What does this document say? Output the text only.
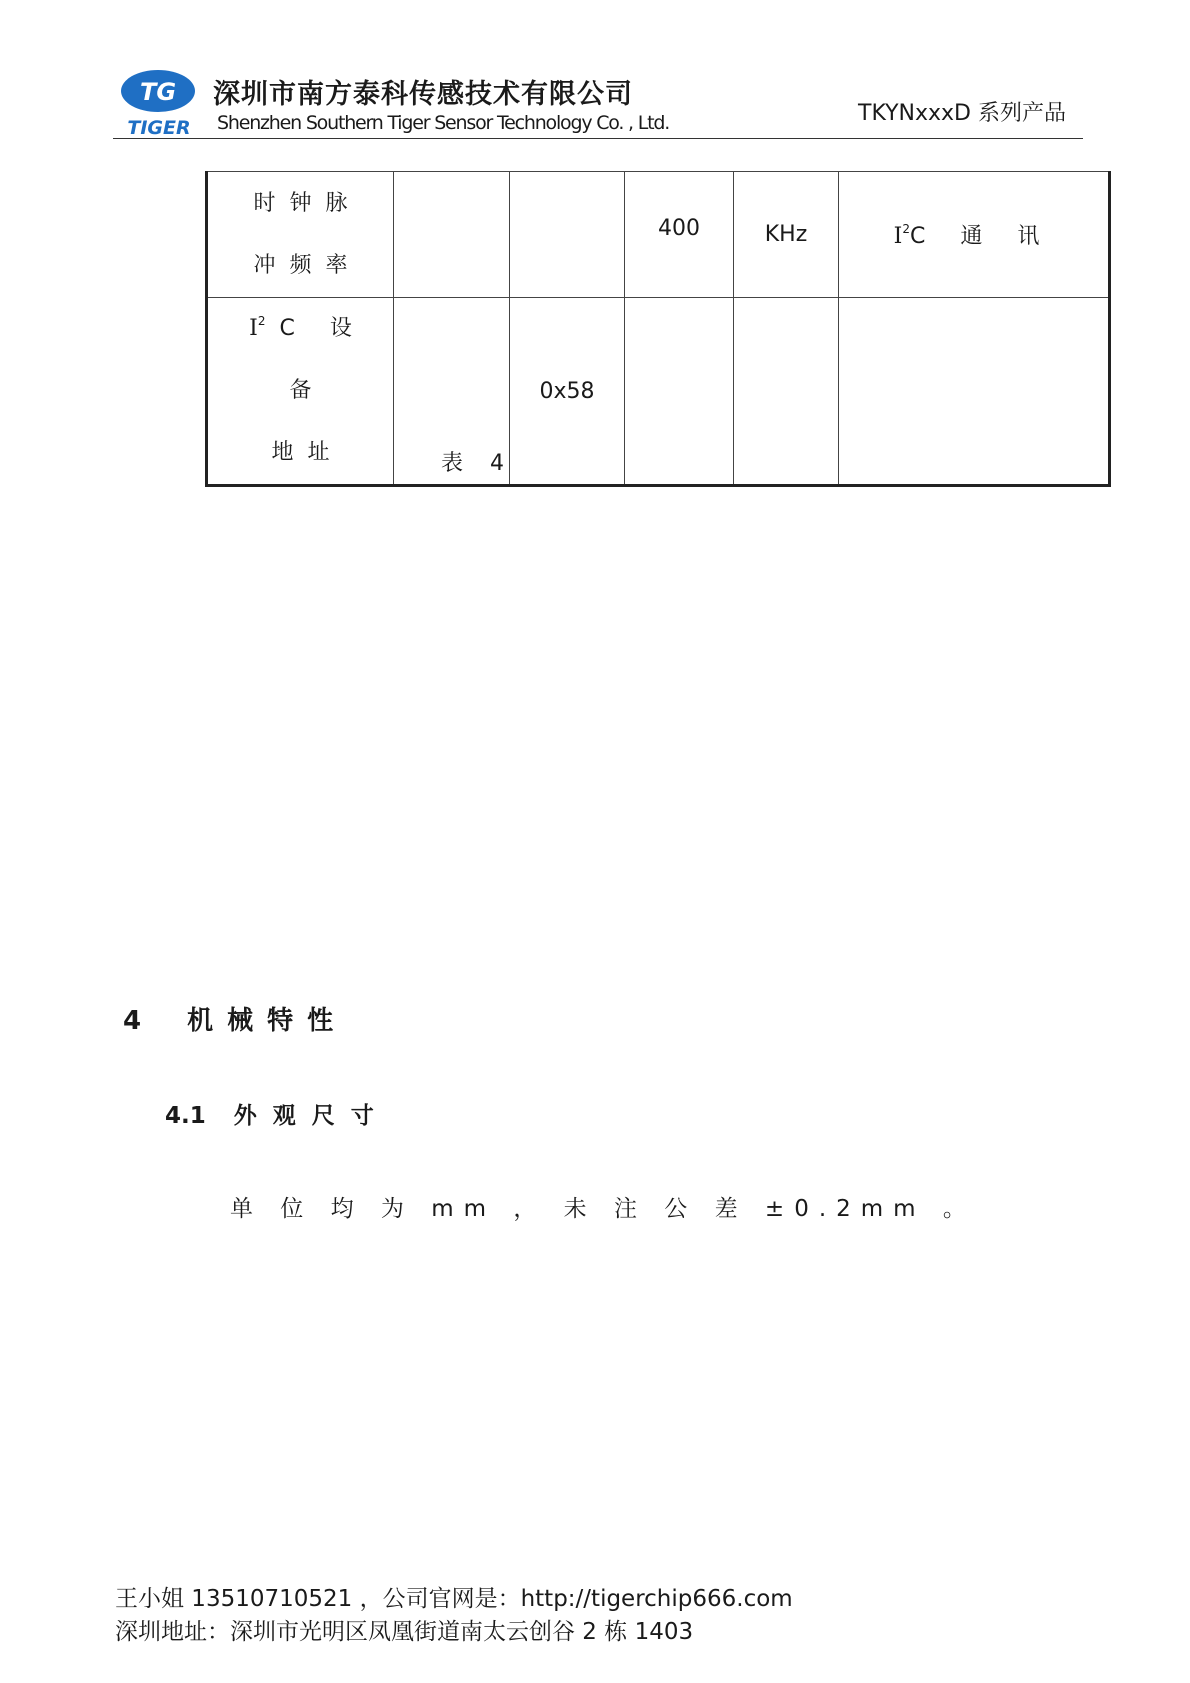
TG
TIGER
深圳市南方泰科传感技术有限公司
Shenzhen Southern Tiger Sensor Technology Co. , Ltd.	TKYNxxxD 系列产品
时钟脉
冲频率			400	KHz	$I^2C$ 通 讯

$I^2C$ 设 备
地址		0x58			
表 4
4 机械特性
4.1 外观尺寸
单 位 均 为 mm ， 未 注 公 差 ±0.2mm 。
王小姐 13510710521 ，公司官网是：http://tigerchip666.com
深圳地址：深圳市光明区凤凰街道南太云创谷 2 栋 1403
